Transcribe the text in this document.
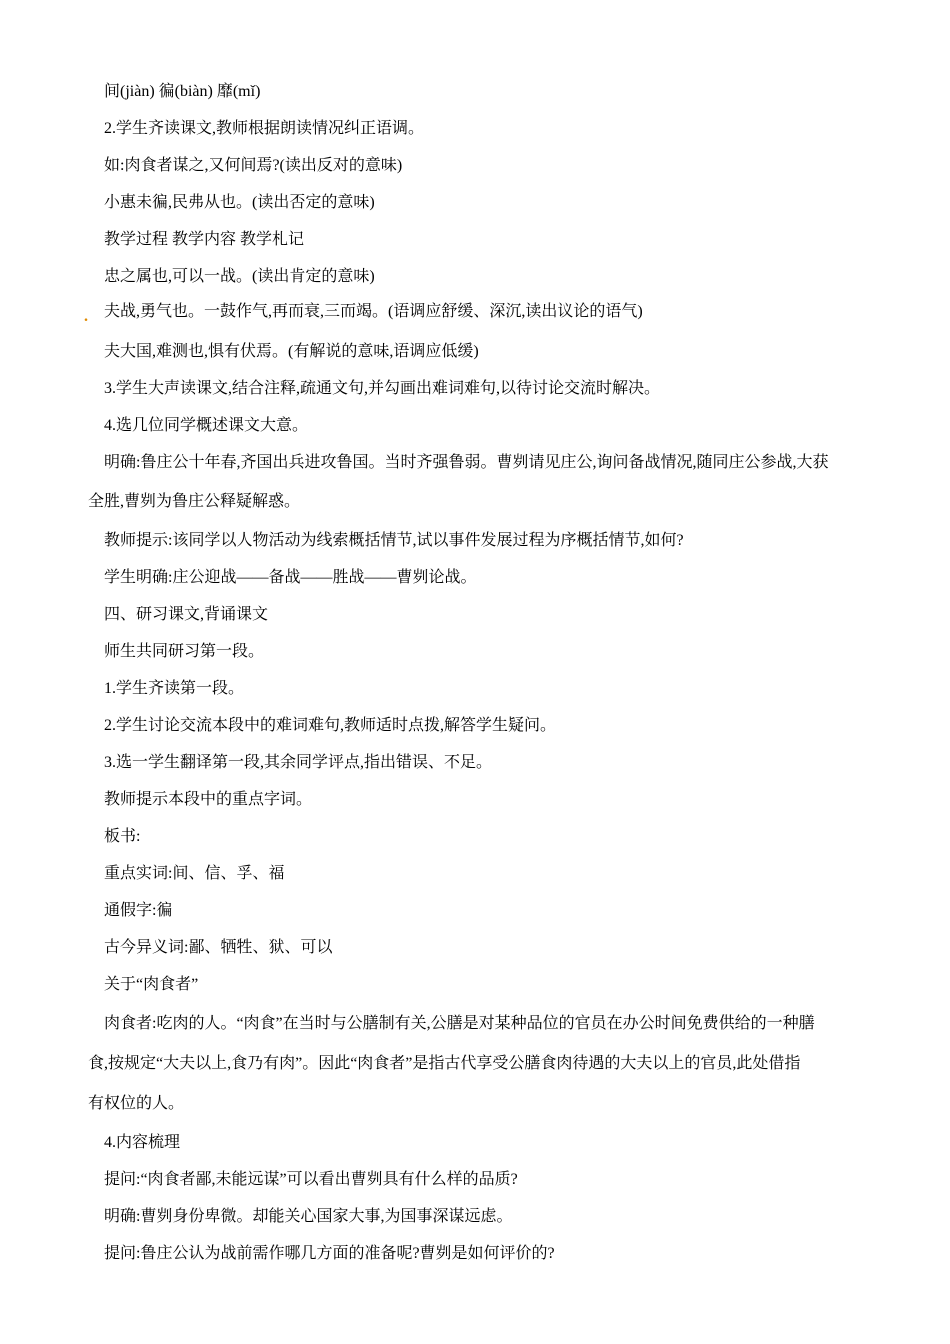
.
间(jiàn) 徧(biàn) 靡(mǐ)
2.学生齐读课文,教师根据朗读情况纠正语调。
如:肉食者谋之,又何间焉?(读出反对的意味)
小惠未徧,民弗从也。(读出否定的意味)
教学过程 教学内容 教学札记
忠之属也,可以一战。(读出肯定的意味)
夫战,勇气也。一鼓作气,再而衰,三而竭。(语调应舒缓、深沉,读出议论的语气)
夫大国,难测也,惧有伏焉。(有解说的意味,语调应低缓)
3.学生大声读课文,结合注释,疏通文句,并勾画出难词难句,以待讨论交流时解决。
4.选几位同学概述课文大意。
明确:鲁庄公十年春,齐国出兵进攻鲁国。当时齐强鲁弱。曹刿请见庄公,询问备战情况,随同庄公参战,大获
全胜,曹刿为鲁庄公释疑解惑。
教师提示:该同学以人物活动为线索概括情节,试以事件发展过程为序概括情节,如何?
学生明确:庄公迎战——备战——胜战——曹刿论战。
四、研习课文,背诵课文
师生共同研习第一段。
1.学生齐读第一段。
2.学生讨论交流本段中的难词难句,教师适时点拨,解答学生疑问。
3.选一学生翻译第一段,其余同学评点,指出错误、不足。
教师提示本段中的重点字词。
板书:
重点实词:间、信、孚、福
通假字:徧
古今异义词:鄙、牺牲、狱、可以
关于“肉食者”
肉食者:吃肉的人。“肉食”在当时与公膳制有关,公膳是对某种品位的官员在办公时间免费供给的一种膳
食,按规定“大夫以上,食乃有肉”。因此“肉食者”是指古代享受公膳食肉待遇的大夫以上的官员,此处借指
有权位的人。
4.内容梳理
提问:“肉食者鄙,未能远谋”可以看出曹刿具有什么样的品质?
明确:曹刿身份卑微。却能关心国家大事,为国事深谋远虑。
提问:鲁庄公认为战前需作哪几方面的准备呢?曹刿是如何评价的?
